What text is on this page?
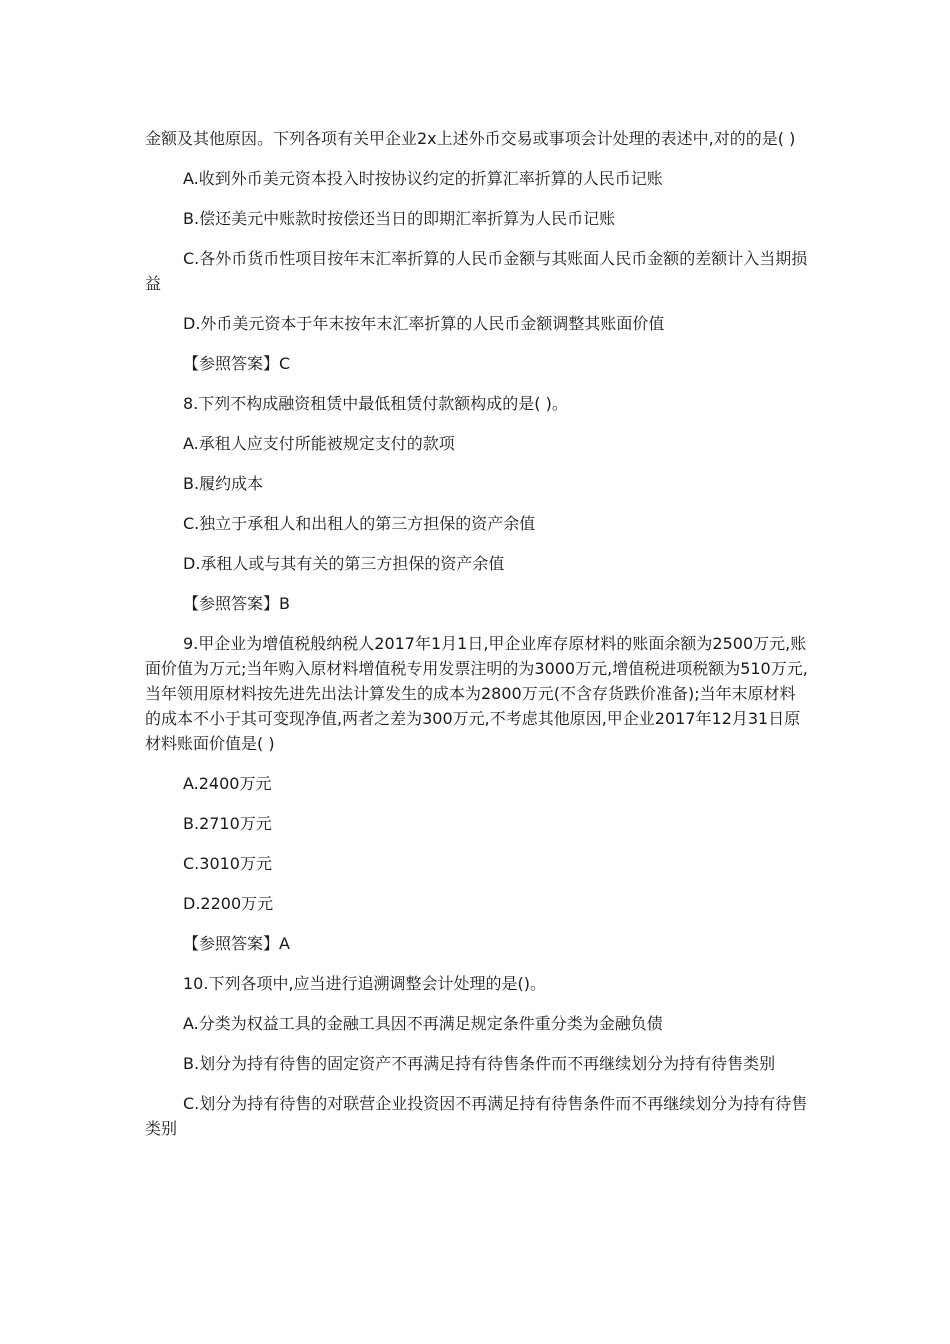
金额及其他原因。下列各项有关甲企业2x上述外币交易或事项会计处理的表述中,对的的是( )

A.收到外币美元资本投入时按协议约定的折算汇率折算的人民币记账

B.偿还美元中账款时按偿还当日的即期汇率折算为人民币记账

C.各外币货币性项目按年末汇率折算的人民币金额与其账面人民币金额的差额计入当期损益

D.外币美元资本于年末按年末汇率折算的人民币金额调整其账面价值

【参照答案】C

8.下列不构成融资租赁中最低租赁付款额构成的是( )。

A.承租人应支付所能被规定支付的款项

B.履约成本

C.独立于承租人和出租人的第三方担保的资产余值

D.承租人或与其有关的第三方担保的资产余值

【参照答案】B

9.甲企业为增值税般纳税人2017年1月1日,甲企业库存原材料的账面余额为2500万元,账面价值为万元;当年购入原材料增值税专用发票注明的为3000万元,增值税进项税额为510万元,当年领用原材料按先进先出法计算发生的成本为2800万元(不含存货跌价准备);当年末原材料的成本不小于其可变现净值,两者之差为300万元,不考虑其他原因,甲企业2017年12月31日原材料账面价值是( )

A.2400万元

B.2710万元

C.3010万元

D.2200万元

【参照答案】A

10.下列各项中,应当进行追溯调整会计处理的是()。

A.分类为权益工具的金融工具因不再满足规定条件重分类为金融负债

B.划分为持有待售的固定资产不再满足持有待售条件而不再继续划分为持有待售类别

C.划分为持有待售的对联营企业投资因不再满足持有待售条件而不再继续划分为持有待售类别
